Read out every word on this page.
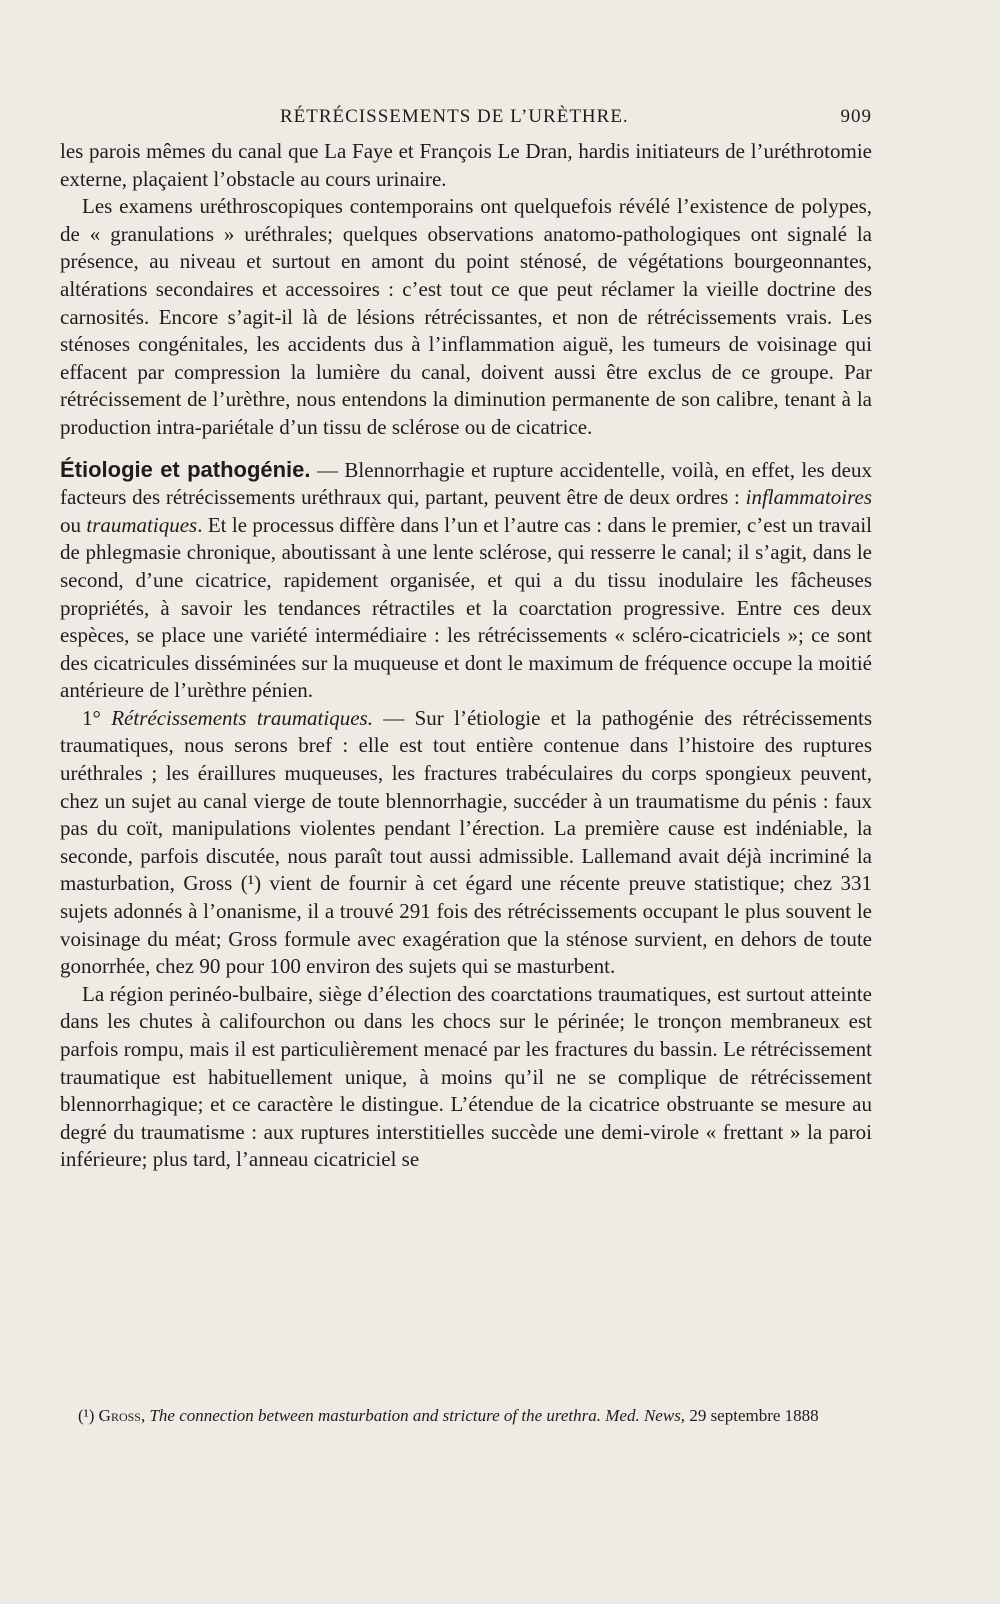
RÉTRÉCISSEMENTS DE L’URÈTHRE.	909

les parois mêmes du canal que La Faye et François Le Dran, hardis initiateurs de l’uréthrotomie externe, plaçaient l’obstacle au cours urinaire.

Les examens uréthroscopiques contemporains ont quelquefois révélé l’existence de polypes, de « granulations » uréthrales; quelques observations anatomo-pathologiques ont signalé la présence, au niveau et surtout en amont du point sténosé, de végétations bourgeonnantes, altérations secondaires et accessoires : c’est tout ce que peut réclamer la vieille doctrine des carnosités. Encore s’agit-il là de lésions rétrécissantes, et non de rétrécissements vrais. Les sténoses congénitales, les accidents dus à l’inflammation aiguë, les tumeurs de voisinage qui effacent par compression la lumière du canal, doivent aussi être exclus de ce groupe. Par rétrécissement de l’urèthre, nous entendons la diminution permanente de son calibre, tenant à la production intra-pariétale d’un tissu de sclérose ou de cicatrice.

Étiologie et pathogénie. — Blennorrhagie et rupture accidentelle, voilà, en effet, les deux facteurs des rétrécissements uréthraux qui, partant, peuvent être de deux ordres : inflammatoires ou traumatiques. Et le processus diffère dans l’un et l’autre cas : dans le premier, c’est un travail de phlegmasie chronique, aboutissant à une lente sclérose, qui resserre le canal; il s’agit, dans le second, d’une cicatrice, rapidement organisée, et qui a du tissu inodulaire les fâcheuses propriétés, à savoir les tendances rétractiles et la coarctation progressive. Entre ces deux espèces, se place une variété intermédiaire : les rétrécissements « scléro-cicatriciels »; ce sont des cicatricules disséminées sur la muqueuse et dont le maximum de fréquence occupe la moitié antérieure de l’urèthre pénien.

1° Rétrécissements traumatiques. — Sur l’étiologie et la pathogénie des rétrécissements traumatiques, nous serons bref : elle est tout entière contenue dans l’histoire des ruptures uréthrales ; les éraillures muqueuses, les fractures trabéculaires du corps spongieux peuvent, chez un sujet au canal vierge de toute blennorrhagie, succéder à un traumatisme du pénis : faux pas du coït, manipulations violentes pendant l’érection. La première cause est indéniable, la seconde, parfois discutée, nous paraît tout aussi admissible. Lallemand avait déjà incriminé la masturbation, Gross (¹) vient de fournir à cet égard une récente preuve statistique; chez 331 sujets adonnés à l’onanisme, il a trouvé 291 fois des rétrécissements occupant le plus souvent le voisinage du méat; Gross formule avec exagération que la sténose survient, en dehors de toute gonorrhée, chez 90 pour 100 environ des sujets qui se masturbent.

La région perinéo-bulbaire, siège d’élection des coarctations traumatiques, est surtout atteinte dans les chutes à califourchon ou dans les chocs sur le périnée; le tronçon membraneux est parfois rompu, mais il est particulièrement menacé par les fractures du bassin. Le rétrécissement traumatique est habituellement unique, à moins qu’il ne se complique de rétrécissement blennorrhagique; et ce caractère le distingue. L’étendue de la cicatrice obstruante se mesure au degré du traumatisme : aux ruptures interstitielles succède une demi-virole « frettant » la paroi inférieure; plus tard, l’anneau cicatriciel se

(¹) Gross, The connection between masturbation and stricture of the urethra. Med. News, 29 septembre 1888
